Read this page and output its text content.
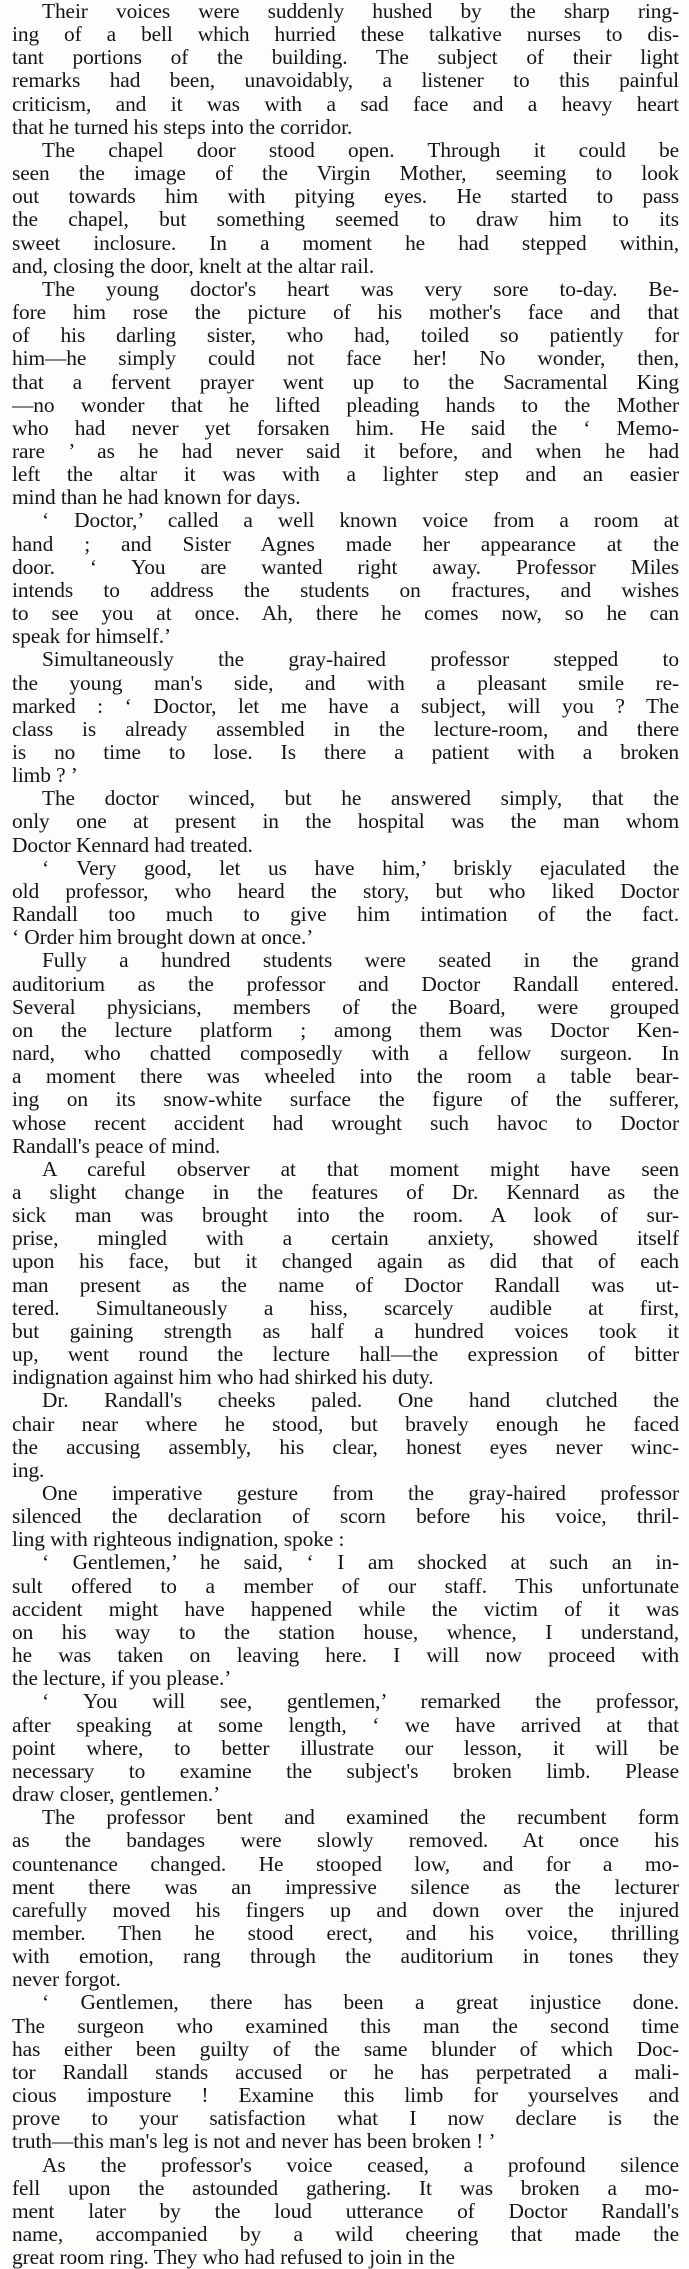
Their voices were suddenly hushed by the sharp ring-
ing of a bell which hurried these talkative nurses to dis-
tant portions of the building. The subject of their light
remarks had been, unavoidably, a listener to this painful
criticism, and it was with a sad face and a heavy heart
that he turned his steps into the corridor.

The chapel door stood open. Through it could be
seen the image of the Virgin Mother, seeming to look
out towards him with pitying eyes. He started to pass
the chapel, but something seemed to draw him to its
sweet inclosure. In a moment he had stepped within,
and, closing the door, knelt at the altar rail.

The young doctor's heart was very sore to-day. Be-
fore him rose the picture of his mother's face and that
of his darling sister, who had, toiled so patiently for
him—he simply could not face her! No wonder, then,
that a fervent prayer went up to the Sacramental King
—no wonder that he lifted pleading hands to the Mother
who had never yet forsaken him. He said the ‘ Memo-
rare ’ as he had never said it before, and when he had
left the altar it was with a lighter step and an easier
mind than he had known for days.

‘ Doctor,’ called a well known voice from a room at
hand ; and Sister Agnes made her appearance at the
door. ‘ You are wanted right away. Professor Miles
intends to address the students on fractures, and wishes
to see you at once. Ah, there he comes now, so he can
speak for himself.’

Simultaneously the gray-haired professor stepped to
the young man's side, and with a pleasant smile re-
marked : ‘ Doctor, let me have a subject, will you ? The
class is already assembled in the lecture-room, and there
is no time to lose. Is there a patient with a broken
limb ? ’

The doctor winced, but he answered simply, that the
only one at present in the hospital was the man whom
Doctor Kennard had treated.

‘ Very good, let us have him,’ briskly ejaculated the
old professor, who heard the story, but who liked Doctor
Randall too much to give him intimation of the fact.
‘ Order him brought down at once.’

Fully a hundred students were seated in the grand
auditorium as the professor and Doctor Randall entered.
Several physicians, members of the Board, were grouped
on the lecture platform ; among them was Doctor Ken-
nard, who chatted composedly with a fellow surgeon. In
a moment there was wheeled into the room a table bear-
ing on its snow-white surface the figure of the sufferer,
whose recent accident had wrought such havoc to Doctor
Randall's peace of mind.

A careful observer at that moment might have seen
a slight change in the features of Dr. Kennard as the
sick man was brought into the room. A look of sur-
prise, mingled with a certain anxiety, showed itself
upon his face, but it changed again as did that of each
man present as the name of Doctor Randall was ut-
tered. Simultaneously a hiss, scarcely audible at first,
but gaining strength as half a hundred voices took it
up, went round the lecture hall—the expression of bitter
indignation against him who had shirked his duty.

Dr. Randall's cheeks paled. One hand clutched the
chair near where he stood, but bravely enough he faced
the accusing assembly, his clear, honest eyes never winc-
ing.

One imperative gesture from the gray-haired professor
silenced the declaration of scorn before his voice, thril-
ling with righteous indignation, spoke :

‘ Gentlemen,’ he said, ‘ I am shocked at such an in-
sult offered to a member of our staff. This unfortunate
accident might have happened while the victim of it was
on his way to the station house, whence, I understand,
he was taken on leaving here. I will now proceed with
the lecture, if you please.’

‘ You will see, gentlemen,’ remarked the professor,
after speaking at some length, ‘ we have arrived at that
point where, to better illustrate our lesson, it will be
necessary to examine the subject's broken limb. Please
draw closer, gentlemen.’

The professor bent and examined the recumbent form
as the bandages were slowly removed. At once his
countenance changed. He stooped low, and for a mo-
ment there was an impressive silence as the lecturer
carefully moved his fingers up and down over the injured
member. Then he stood erect, and his voice, thrilling
with emotion, rang through the auditorium in tones they
never forgot.

‘ Gentlemen, there has been a great injustice done.
The surgeon who examined this man the second time
has either been guilty of the same blunder of which Doc-
tor Randall stands accused or he has perpetrated a mali-
cious imposture ! Examine this limb for yourselves and
prove to your satisfaction what I now declare is the
truth—this man's leg is not and never has been broken ! ’

As the professor's voice ceased, a profound silence
fell upon the astounded gathering. It was broken a mo-
ment later by the loud utterance of Doctor Randall's
name, accompanied by a wild cheering that made the
great room ring. They who had refused to join in the
